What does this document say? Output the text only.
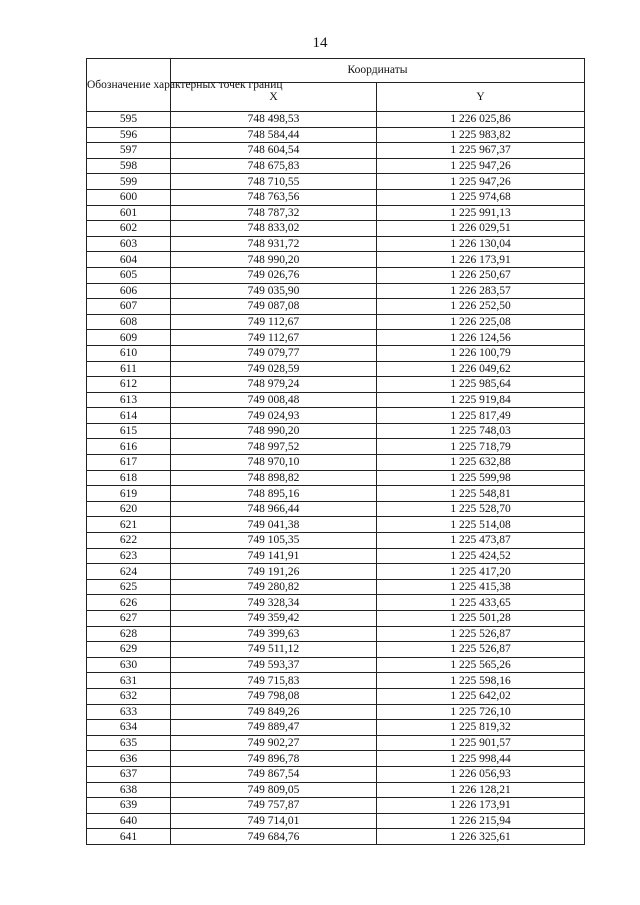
14
Обозначение характерных точек границ	Координаты	
	X	Y
595	748 498,53	1 226 025,86
596	748 584,44	1 225 983,82
597	748 604,54	1 225 967,37
598	748 675,83	1 225 947,26
599	748 710,55	1 225 947,26
600	748 763,56	1 225 974,68
601	748 787,32	1 225 991,13
602	748 833,02	1 226 029,51
603	748 931,72	1 226 130,04
604	748 990,20	1 226 173,91
605	749 026,76	1 226 250,67
606	749 035,90	1 226 283,57
607	749 087,08	1 226 252,50
608	749 112,67	1 226 225,08
609	749 112,67	1 226 124,56
610	749 079,77	1 226 100,79
611	749 028,59	1 226 049,62
612	748 979,24	1 225 985,64
613	749 008,48	1 225 919,84
614	749 024,93	1 225 817,49
615	748 990,20	1 225 748,03
616	748 997,52	1 225 718,79
617	748 970,10	1 225 632,88
618	748 898,82	1 225 599,98
619	748 895,16	1 225 548,81
620	748 966,44	1 225 528,70
621	749 041,38	1 225 514,08
622	749 105,35	1 225 473,87
623	749 141,91	1 225 424,52
624	749 191,26	1 225 417,20
625	749 280,82	1 225 415,38
626	749 328,34	1 225 433,65
627	749 359,42	1 225 501,28
628	749 399,63	1 225 526,87
629	749 511,12	1 225 526,87
630	749 593,37	1 225 565,26
631	749 715,83	1 225 598,16
632	749 798,08	1 225 642,02
633	749 849,26	1 225 726,10
634	749 889,47	1 225 819,32
635	749 902,27	1 225 901,57
636	749 896,78	1 225 998,44
637	749 867,54	1 226 056,93
638	749 809,05	1 226 128,21
639	749 757,87	1 226 173,91
640	749 714,01	1 226 215,94
641	749 684,76	1 226 325,61
